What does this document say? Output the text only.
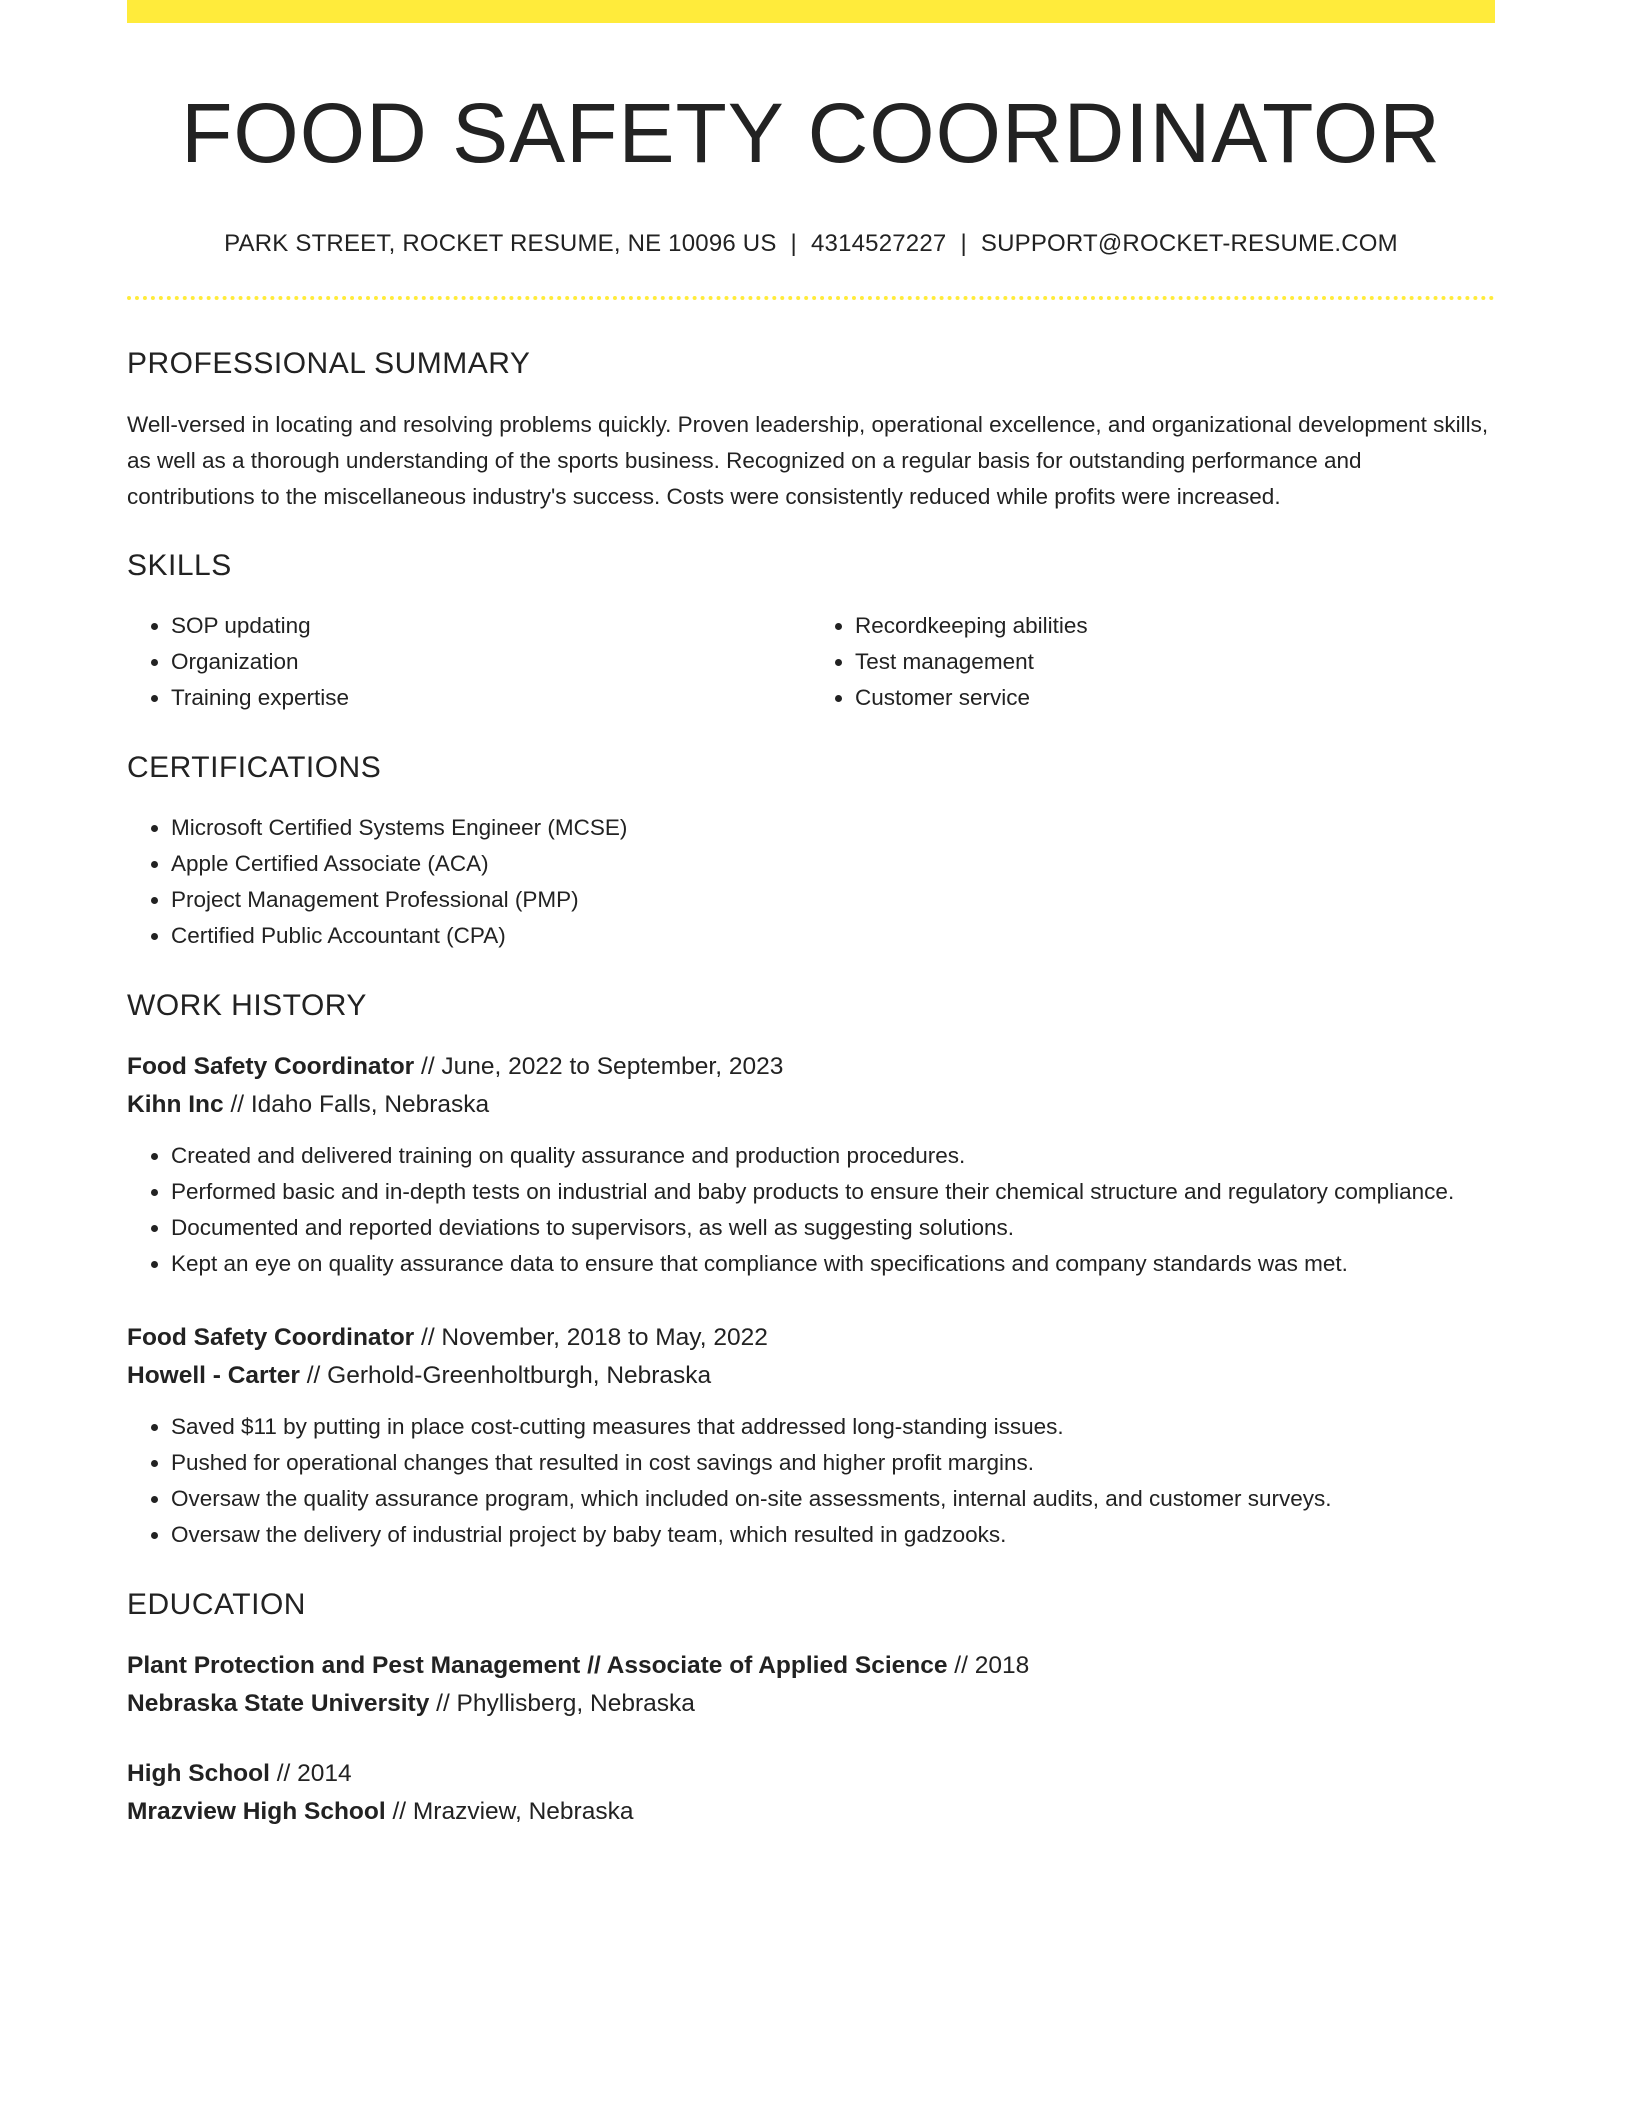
FOOD SAFETY COORDINATOR
PARK STREET, ROCKET RESUME, NE 10096 US | 4314527227 | SUPPORT@ROCKET-RESUME.COM
PROFESSIONAL SUMMARY
Well-versed in locating and resolving problems quickly. Proven leadership, operational excellence, and organizational development skills, as well as a thorough understanding of the sports business. Recognized on a regular basis for outstanding performance and contributions to the miscellaneous industry's success. Costs were consistently reduced while profits were increased.
SKILLS
• SOP updating
• Organization
• Training expertise
• Recordkeeping abilities
• Test management
• Customer service
CERTIFICATIONS
• Microsoft Certified Systems Engineer (MCSE)
• Apple Certified Associate (ACA)
• Project Management Professional (PMP)
• Certified Public Accountant (CPA)
WORK HISTORY
Food Safety Coordinator // June, 2022 to September, 2023
Kihn Inc // Idaho Falls, Nebraska
• Created and delivered training on quality assurance and production procedures.
• Performed basic and in-depth tests on industrial and baby products to ensure their chemical structure and regulatory compliance.
• Documented and reported deviations to supervisors, as well as suggesting solutions.
• Kept an eye on quality assurance data to ensure that compliance with specifications and company standards was met.
Food Safety Coordinator // November, 2018 to May, 2022
Howell - Carter // Gerhold-Greenholtburgh, Nebraska
• Saved $11 by putting in place cost-cutting measures that addressed long-standing issues.
• Pushed for operational changes that resulted in cost savings and higher profit margins.
• Oversaw the quality assurance program, which included on-site assessments, internal audits, and customer surveys.
• Oversaw the delivery of industrial project by baby team, which resulted in gadzooks.
EDUCATION
Plant Protection and Pest Management // Associate of Applied Science // 2018
Nebraska State University // Phyllisberg, Nebraska
High School // 2014
Mrazview High School // Mrazview, Nebraska
